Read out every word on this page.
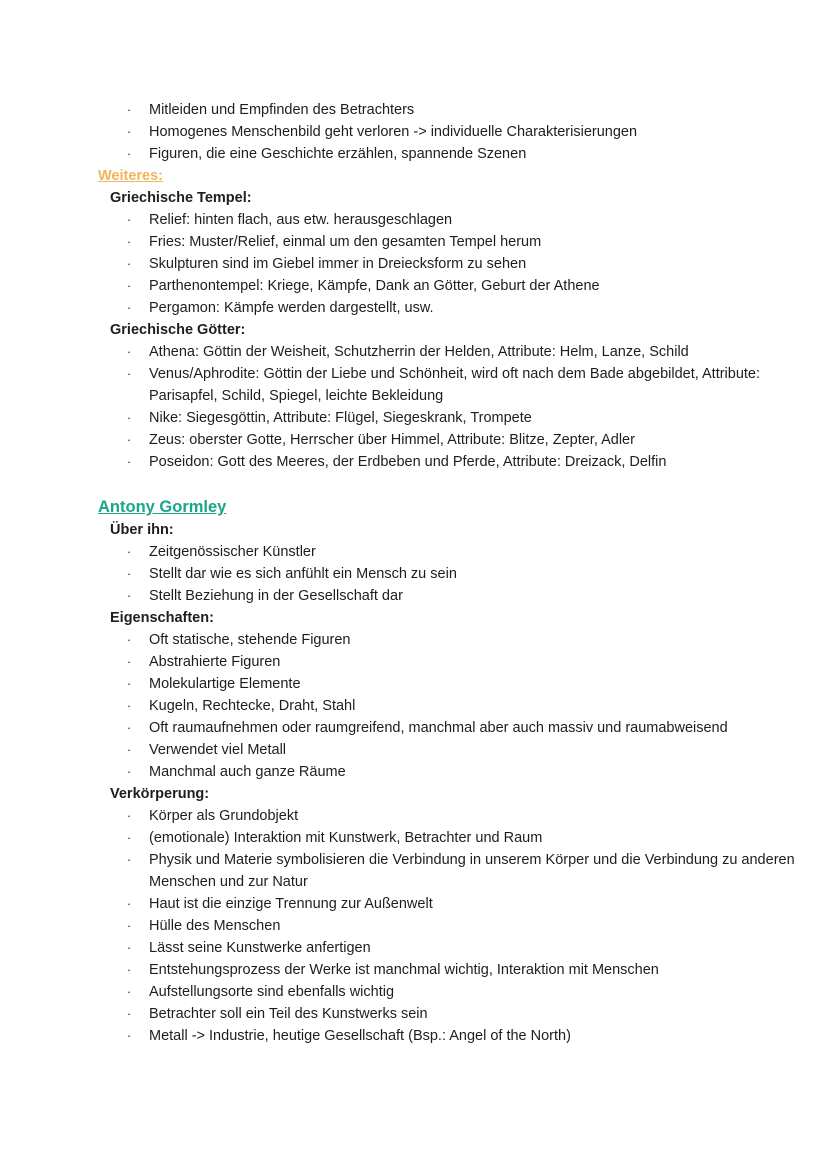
· Mitleiden und Empfinden des Betrachters
· Homogenes Menschenbild geht verloren -> individuelle Charakterisierungen
· Figuren, die eine Geschichte erzählen, spannende Szenen
Weiteres:
Griechische Tempel:
· Relief: hinten flach, aus etw. herausgeschlagen
· Fries: Muster/Relief, einmal um den gesamten Tempel herum
· Skulpturen sind im Giebel immer in Dreiecksform zu sehen
· Parthenontempel: Kriege, Kämpfe, Dank an Götter, Geburt der Athene
· Pergamon: Kämpfe werden dargestellt, usw.
Griechische Götter:
· Athena: Göttin der Weisheit, Schutzherrin der Helden, Attribute: Helm, Lanze, Schild
· Venus/Aphrodite: Göttin der Liebe und Schönheit, wird oft nach dem Bade abgebildet, Attribute: Parisapfel, Schild, Spiegel, leichte Bekleidung
· Nike: Siegesgöttin, Attribute: Flügel, Siegeskrank, Trompete
· Zeus: oberster Gotte, Herrscher über Himmel, Attribute: Blitze, Zepter, Adler
· Poseidon: Gott des Meeres, der Erdbeben und Pferde, Attribute: Dreizack, Delfin
Antony Gormley
Über ihn:
· Zeitgenössischer Künstler
· Stellt dar wie es sich anfühlt ein Mensch zu sein
· Stellt Beziehung in der Gesellschaft dar
Eigenschaften:
· Oft statische, stehende Figuren
· Abstrahierte Figuren
· Molekulartige Elemente
· Kugeln, Rechtecke, Draht, Stahl
· Oft raumaufnehmen oder raumgreifend, manchmal aber auch massiv und raumabweisend
· Verwendet viel Metall
· Manchmal auch ganze Räume
Verkörperung:
· Körper als Grundobjekt
· (emotionale) Interaktion mit Kunstwerk, Betrachter und Raum
· Physik und Materie symbolisieren die Verbindung in unserem Körper und die Verbindung zu anderen Menschen und zur Natur
· Haut ist die einzige Trennung zur Außenwelt
· Hülle des Menschen
· Lässt seine Kunstwerke anfertigen
· Entstehungsprozess der Werke ist manchmal wichtig, Interaktion mit Menschen
· Aufstellungsorte sind ebenfalls wichtig
· Betrachter soll ein Teil des Kunstwerks sein
· Metall -> Industrie, heutige Gesellschaft (Bsp.: Angel of the North)
